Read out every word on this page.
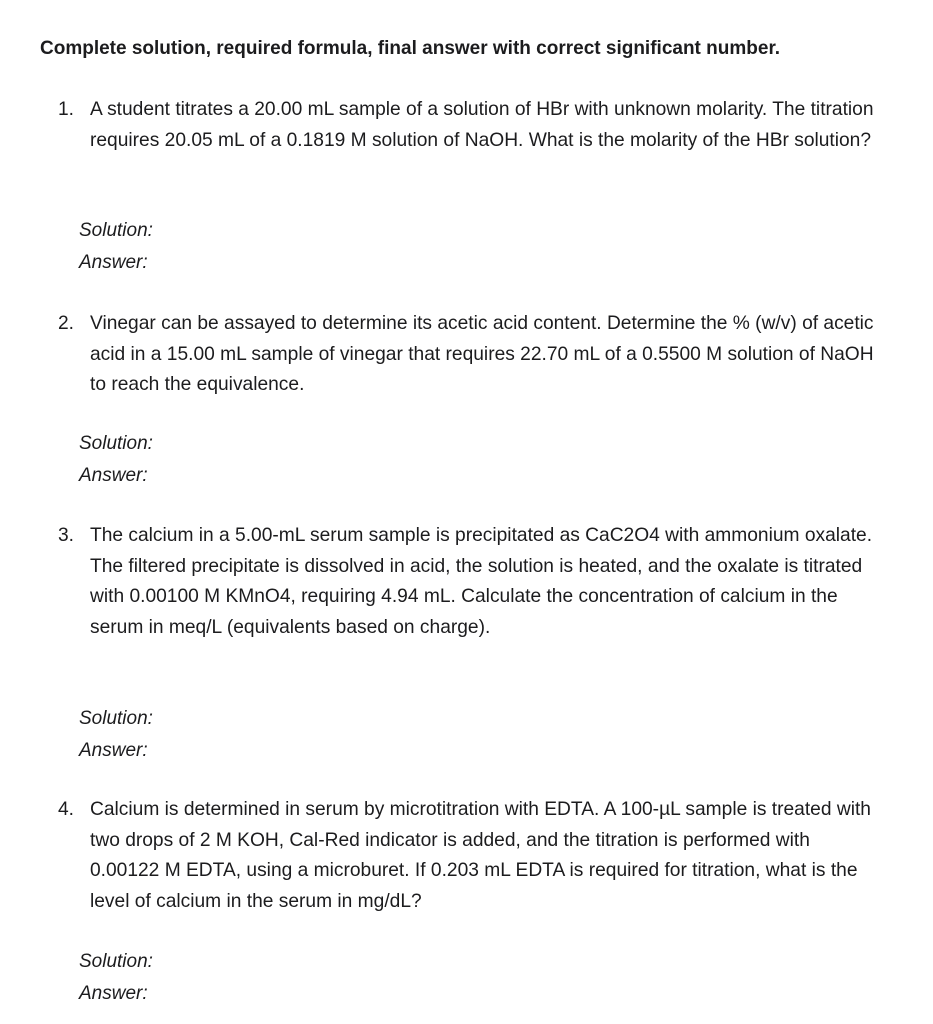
Complete solution, required formula, final answer with correct significant number.
1. A student titrates a 20.00 mL sample of a solution of HBr with unknown molarity. The titration requires 20.05 mL of a 0.1819 M solution of NaOH. What is the molarity of the HBr solution?
Solution:
Answer:
2. Vinegar can be assayed to determine its acetic acid content. Determine the % (w/v) of acetic acid in a 15.00 mL sample of vinegar that requires 22.70 mL of a 0.5500 M solution of NaOH to reach the equivalence.
Solution:
Answer:
3. The calcium in a 5.00-mL serum sample is precipitated as CaC2O4 with ammonium oxalate. The filtered precipitate is dissolved in acid, the solution is heated, and the oxalate is titrated with 0.00100 M KMnO4, requiring 4.94 mL. Calculate the concentration of calcium in the serum in meq/L (equivalents based on charge).
Solution:
Answer:
4. Calcium is determined in serum by microtitration with EDTA. A 100-µL sample is treated with two drops of 2 M KOH, Cal-Red indicator is added, and the titration is performed with 0.00122 M EDTA, using a microburet. If 0.203 mL EDTA is required for titration, what is the level of calcium in the serum in mg/dL?
Solution:
Answer:
